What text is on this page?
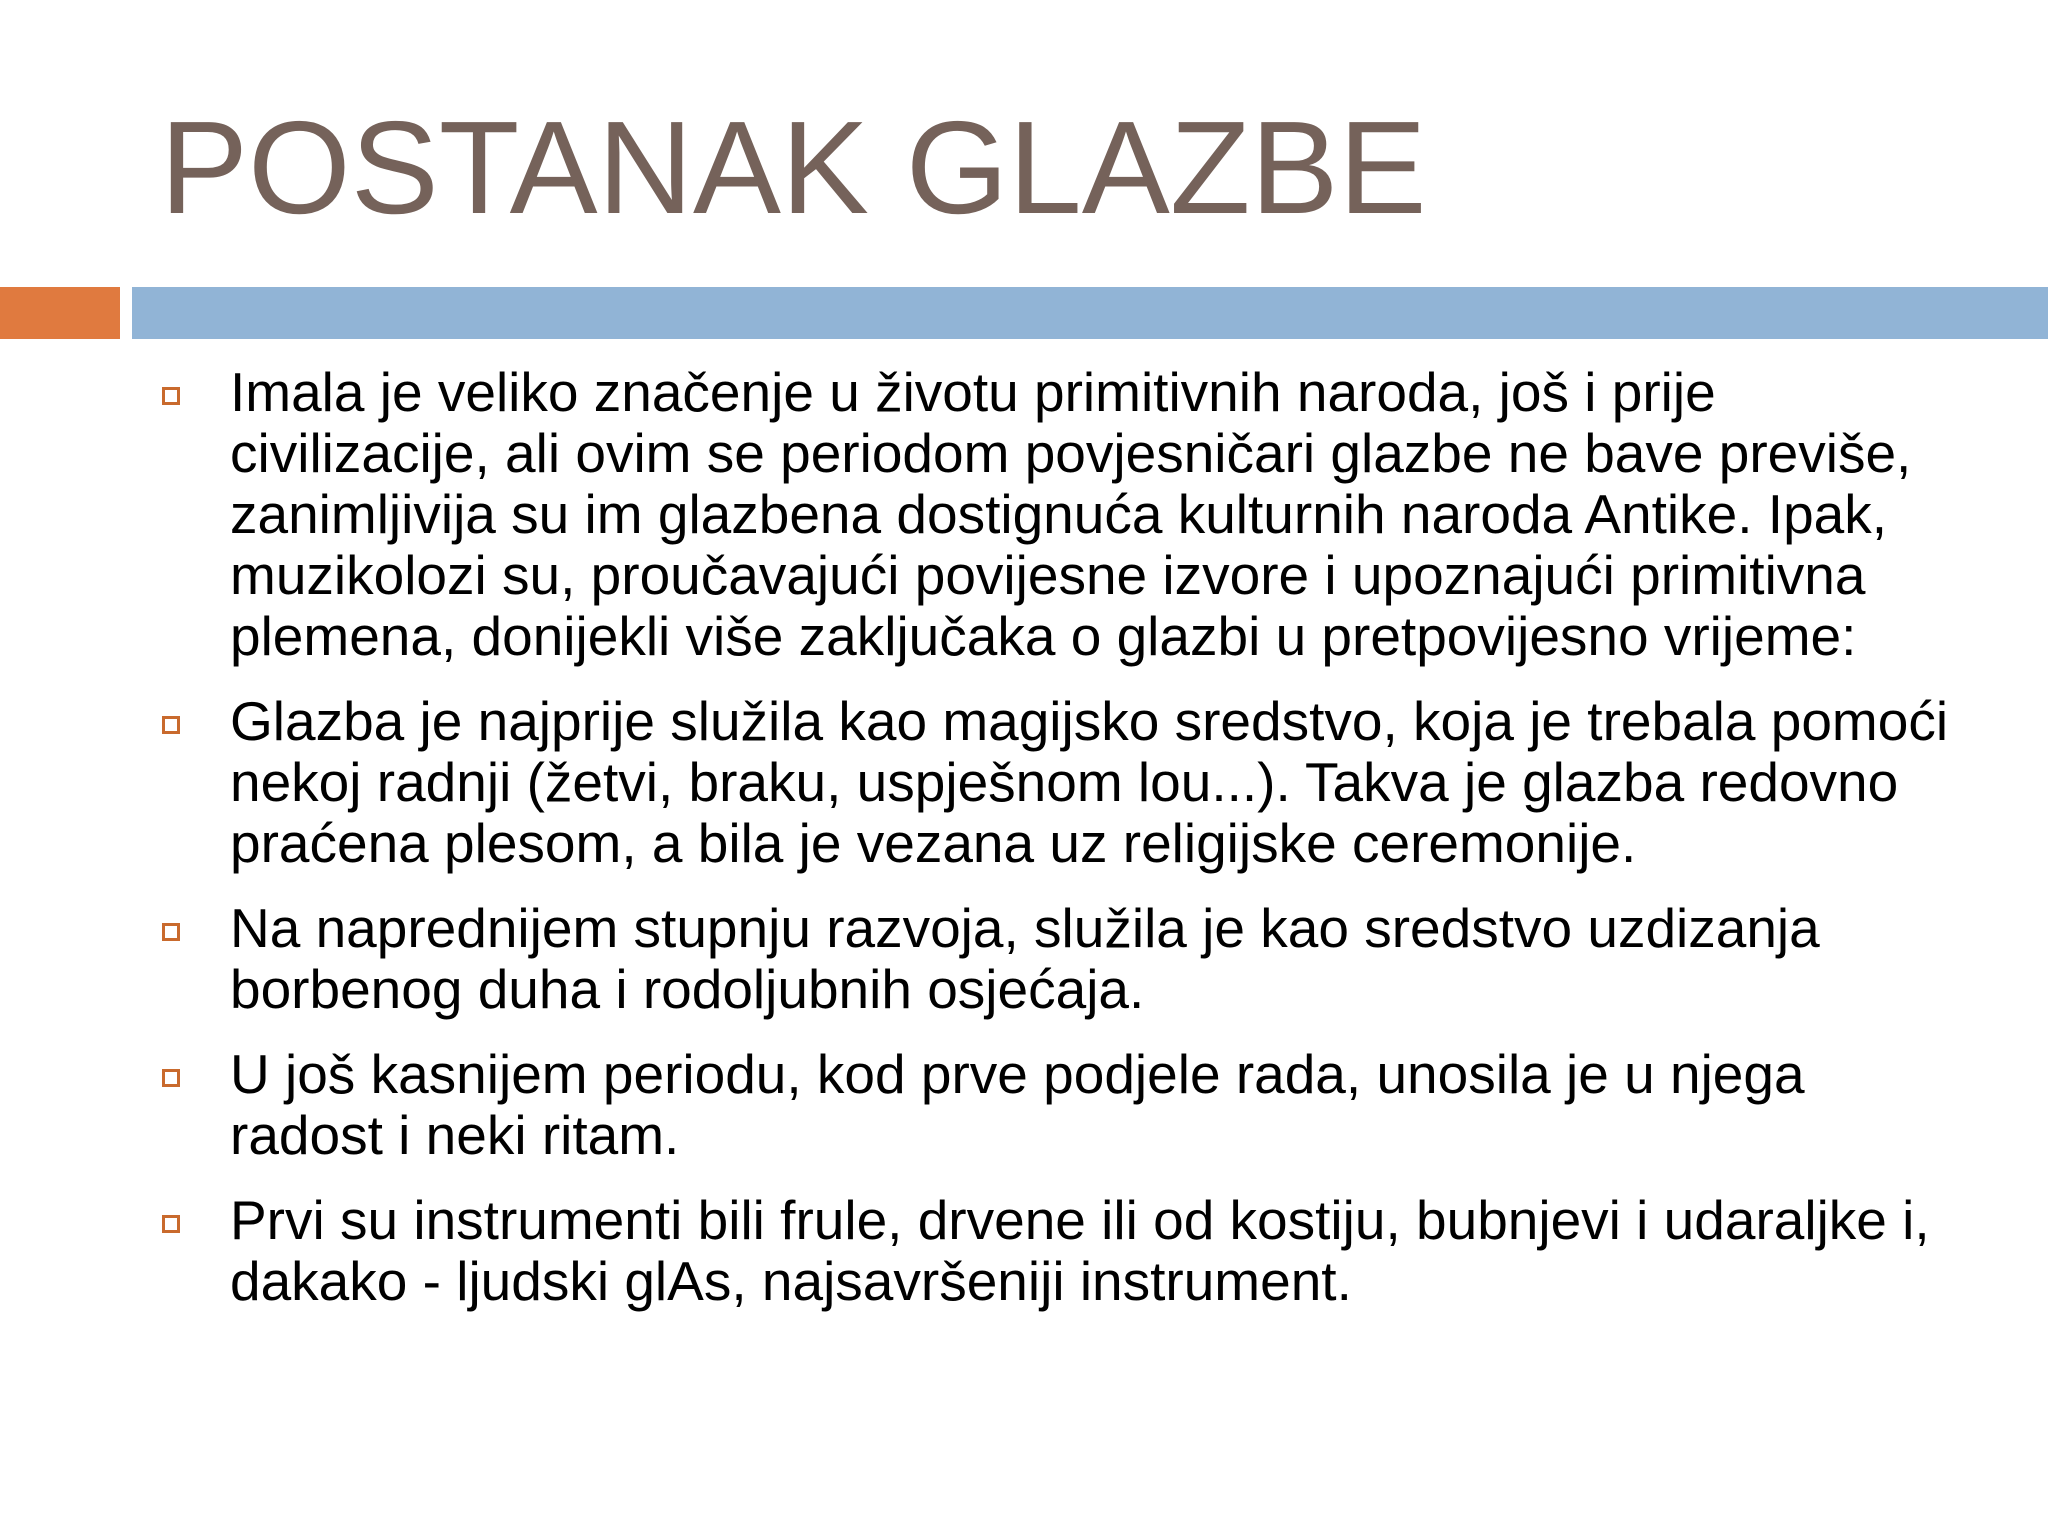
POSTANAK GLAZBE
Imala je veliko značenje u životu primitivnih naroda, još i prije civilizacije, ali ovim se periodom povjesničari glazbe ne bave previše, zanimljivija su im glazbena dostignuća kulturnih naroda Antike. Ipak, muzikolozi su, proučavajući povijesne izvore i upoznajući primitivna plemena, donijekli više zaključaka o glazbi u pretpovijesno vrijeme:
Glazba je najprije služila kao magijsko sredstvo, koja je trebala pomoći nekoj radnji (žetvi, braku, uspješnom lou...). Takva je glazba redovno praćena plesom, a bila je vezana uz religijske ceremonije.
Na naprednijem stupnju razvoja, služila je kao sredstvo uzdizanja borbenog duha i rodoljubnih osjećaja.
U još kasnijem periodu, kod prve podjele rada, unosila je u njega radost i neki ritam.
Prvi su instrumenti bili frule, drvene ili od kostiju, bubnjevi i udaraljke i, dakako - ljudski glAs, najsavršeniji instrument.
